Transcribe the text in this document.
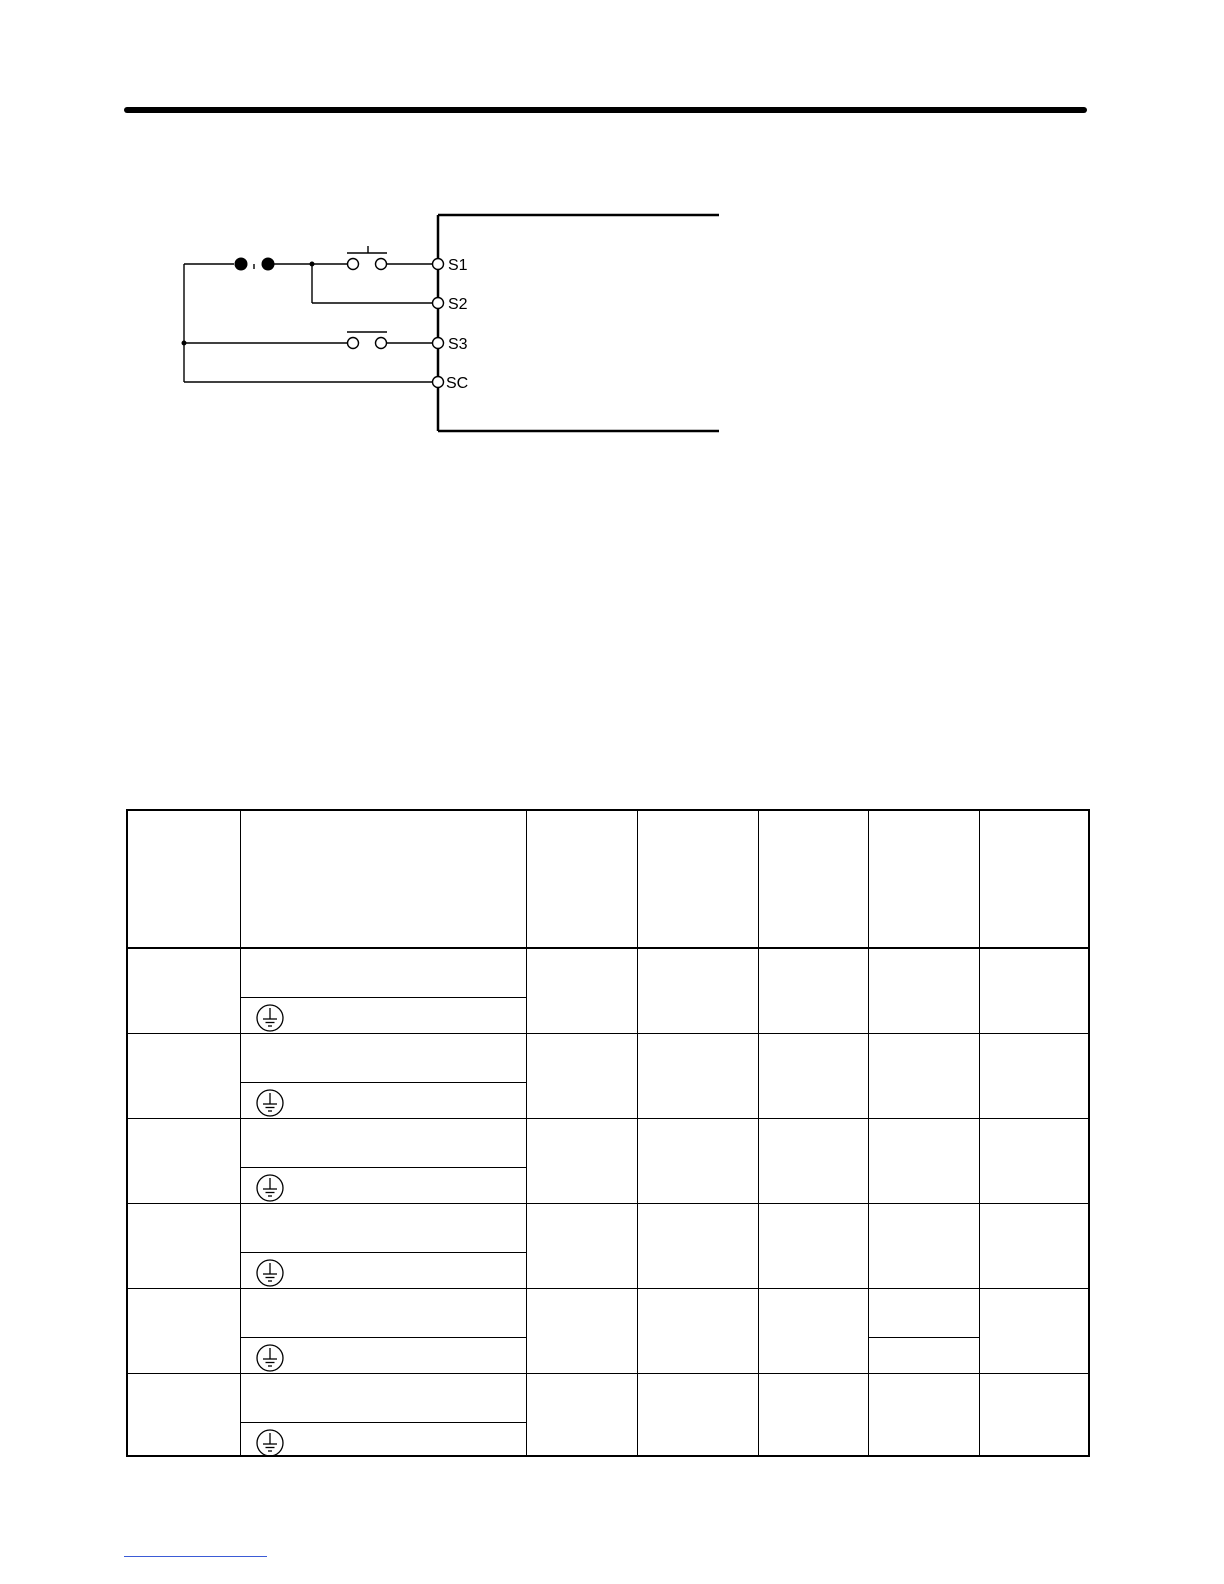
S1
S2
S3
SC
